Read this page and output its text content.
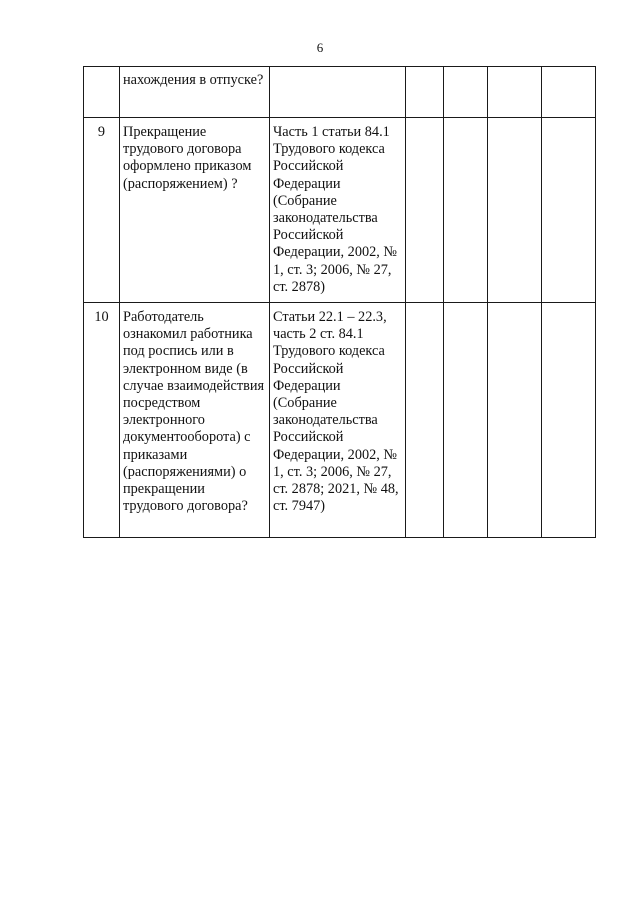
6
	нахождения в отпуске?					
9	Прекращение трудового договора оформлено приказом (распоряжением) ?	Часть 1 статьи 84.1 Трудового кодекса Российской Федерации (Собрание законодательства Российской Федерации, 2002, № 1, ст. 3; 2006, № 27, ст. 2878)				
10	Работодатель ознакомил работника под роспись или в электронном виде (в случае взаимодействия посредством электронного документооборота) с приказами (распоряжениями) о прекращении трудового договора?	Статьи 22.1 – 22.3, часть 2 ст. 84.1 Трудового кодекса Российской Федерации (Собрание законодательства Российской Федерации, 2002, № 1, ст. 3; 2006, № 27, ст. 2878; 2021, № 48, ст. 7947)				
